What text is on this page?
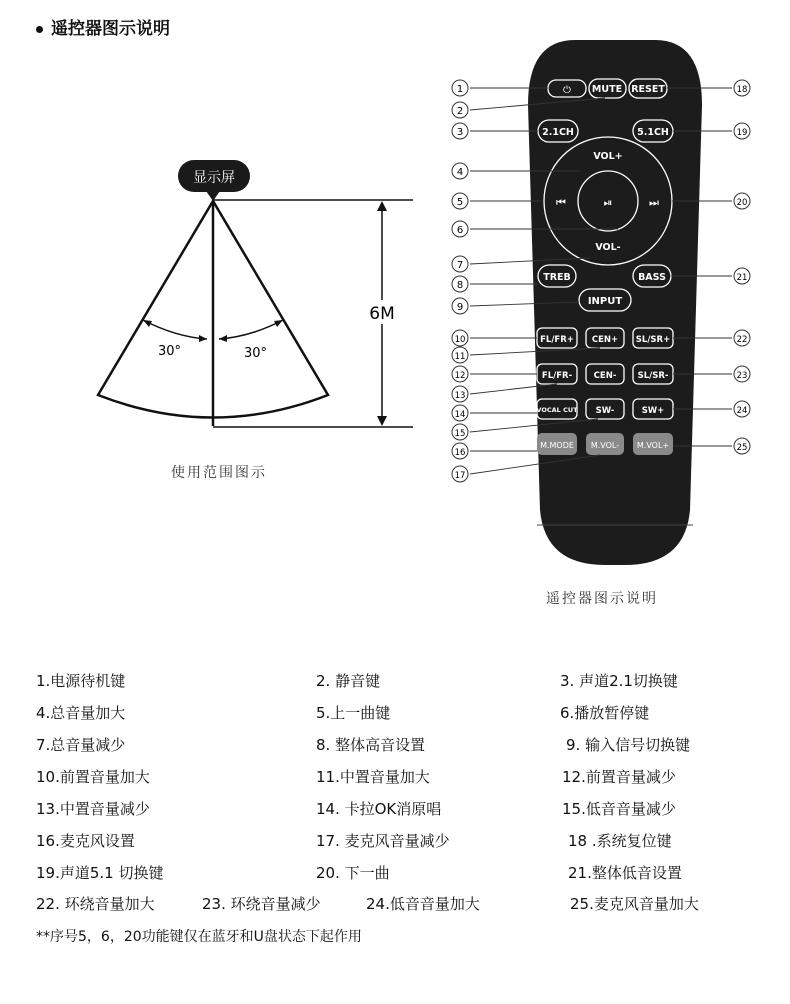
遥控器图示说明
显示屏
30°	30°
6M
使用范围图示
⏻ MUTE RESET
2.1CH	5.1CH
VOL+
VOL-
⏮	⏯	⏭
TREB	BASS
INPUT
FL/FR+ CEN+ SL/SR+
FL/FR-	CEN- SL/SR-
VOCAL CUT SW-	SW+
M.MODE M.VOL- M.VOL+
1
2
3
4
5
6
7
8
9
10
11
12
13
14
15
16
17
18
19
20
21
22
23
24
25
遥控器图示说明
1.电源待机键	2. 静音键	3. 声道2.1切换键
4.总音量加大	5.上一曲键	6.播放暂停键
7.总音量减少	8. 整体高音设置	9. 输入信号切换键
10.前置音量加大	11.中置音量加大	12.前置音量减少
13.中置音量减少	14. 卡拉OK消原唱	15.低音音量减少
16.麦克风设置	17. 麦克风音量减少	18 .系统复位键
19.声道5.1 切换键	20. 下一曲	21.整体低音设置
22. 环绕音量加大	23. 环绕音量减少	24.低音音量加大	25.麦克风音量加大
**序号5，6，20功能键仅在蓝牙和U盘状态下起作用
